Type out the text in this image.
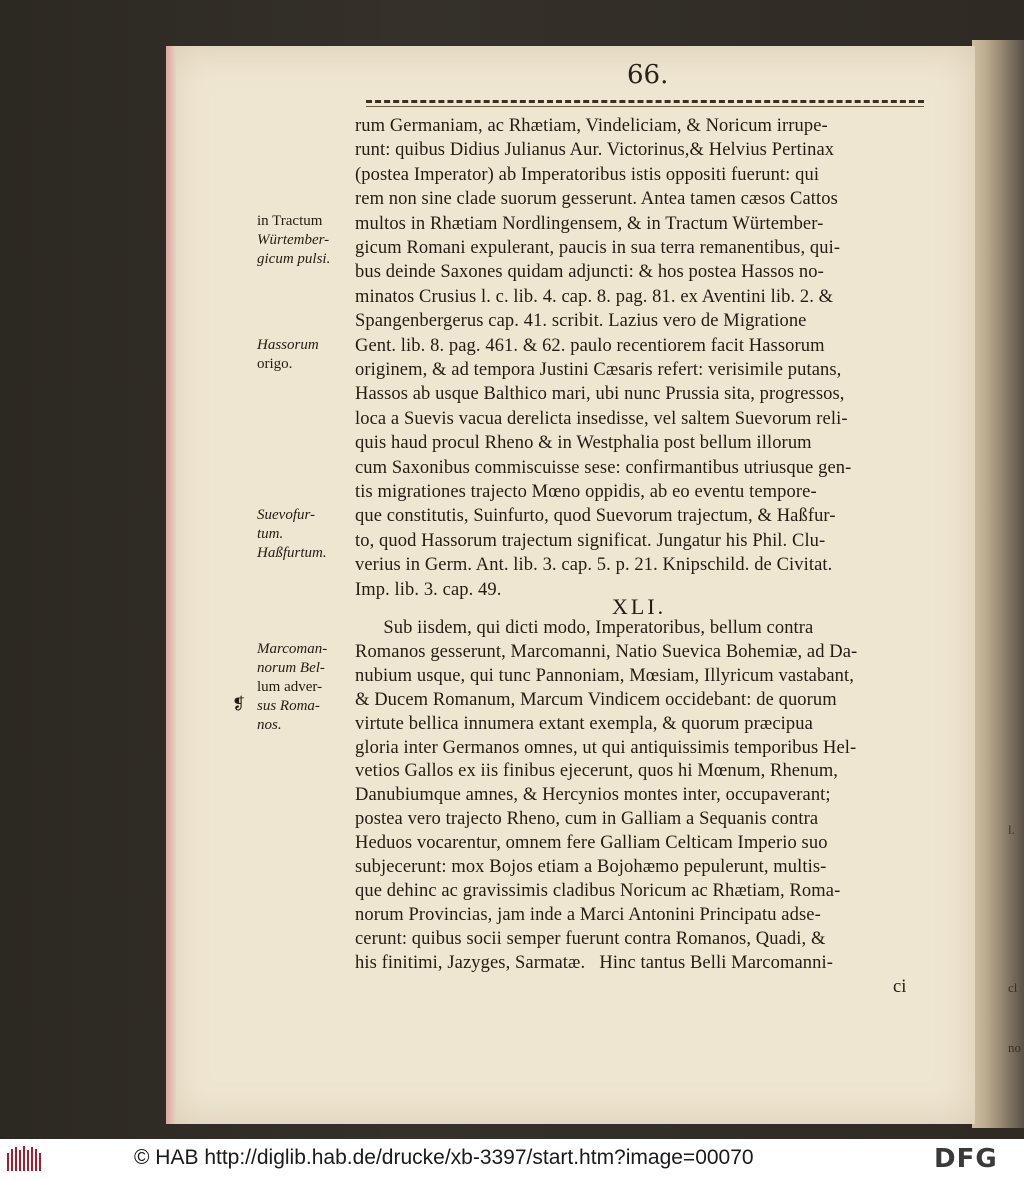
l.
cl
no
66.
rum Germaniam, ac Rhætiam, Vindeliciam, & Noricum irrupe-
runt: quibus Didius Julianus Aur. Victorinus,& Helvius Pertinax
(postea Imperator) ab Imperatoribus istis oppositi fuerunt: qui
rem non sine clade suorum gesserunt. Antea tamen cæsos Cattos
multos in Rhætiam Nordlingensem, & in Tractum Würtember-
gicum Romani expulerant, paucis in sua terra remanentibus, qui-
bus deinde Saxones quidam adjuncti: & hos postea Hassos no-
minatos Crusius l. c. lib. 4. cap. 8. pag. 81. ex Aventini lib. 2. &
Spangenbergerus cap. 41. scribit. Lazius vero de Migratione
Gent. lib. 8. pag. 461. & 62. paulo recentiorem facit Hassorum
originem, & ad tempora Justini Cæsaris refert: verisimile putans,
Hassos ab usque Balthico mari, ubi nunc Prussia sita, progressos,
loca a Suevis vacua derelicta insedisse, vel saltem Suevorum reli-
quis haud procul Rheno & in Westphalia post bellum illorum
cum Saxonibus commiscuisse sese: confirmantibus utriusque gen-
tis migrationes trajecto Mœno oppidis, ab eo eventu tempore-
que constitutis, Suinfurto, quod Suevorum trajectum, & Haßfur-
to, quod Hassorum trajectum significat. Jungatur his Phil. Clu-
verius in Germ. Ant. lib. 3. cap. 5. p. 21. Knipschild. de Civitat.
Imp. lib. 3. cap. 49.
XLI.
Sub iisdem, qui dicti modo, Imperatoribus, bellum contra
Romanos gesserunt, Marcomanni, Natio Suevica Bohemiæ, ad Da-
nubium usque, qui tunc Pannoniam, Mœsiam, Illyricum vastabant,
& Ducem Romanum, Marcum Vindicem occidebant: de quorum
virtute bellica innumera extant exempla, & quorum præcipua
gloria inter Germanos omnes, ut qui antiquissimis temporibus Hel-
vetios Gallos ex iis finibus ejecerunt, quos hi Mœnum, Rhenum,
Danubiumque amnes, & Hercynios montes inter, occupaverant;
postea vero trajecto Rheno, cum in Galliam a Sequanis contra
Heduos vocarentur, omnem fere Galliam Celticam Imperio suo
subjecerunt: mox Bojos etiam a Bojohæmo pepulerunt, multis-
que dehinc ac gravissimis cladibus Noricum ac Rhætiam, Roma-
norum Provincias, jam inde a Marci Antonini Principatu adse-
cerunt: quibus socii semper fuerunt contra Romanos, Quadi, &
his finitimi, Jazyges, Sarmatæ.   Hinc tantus Belli Marcomanni-
ci
in Tractum
Würtember-
gicum pulsi.
Hassorum
origo.
Suevofur-
tum.
Haßfurtum.
Marcoman-
norum Bel-
lum adver-
sus Roma-
nos.
❡
© HAB http://diglib.hab.de/drucke/xb-3397/start.htm?image=00070	DFG
